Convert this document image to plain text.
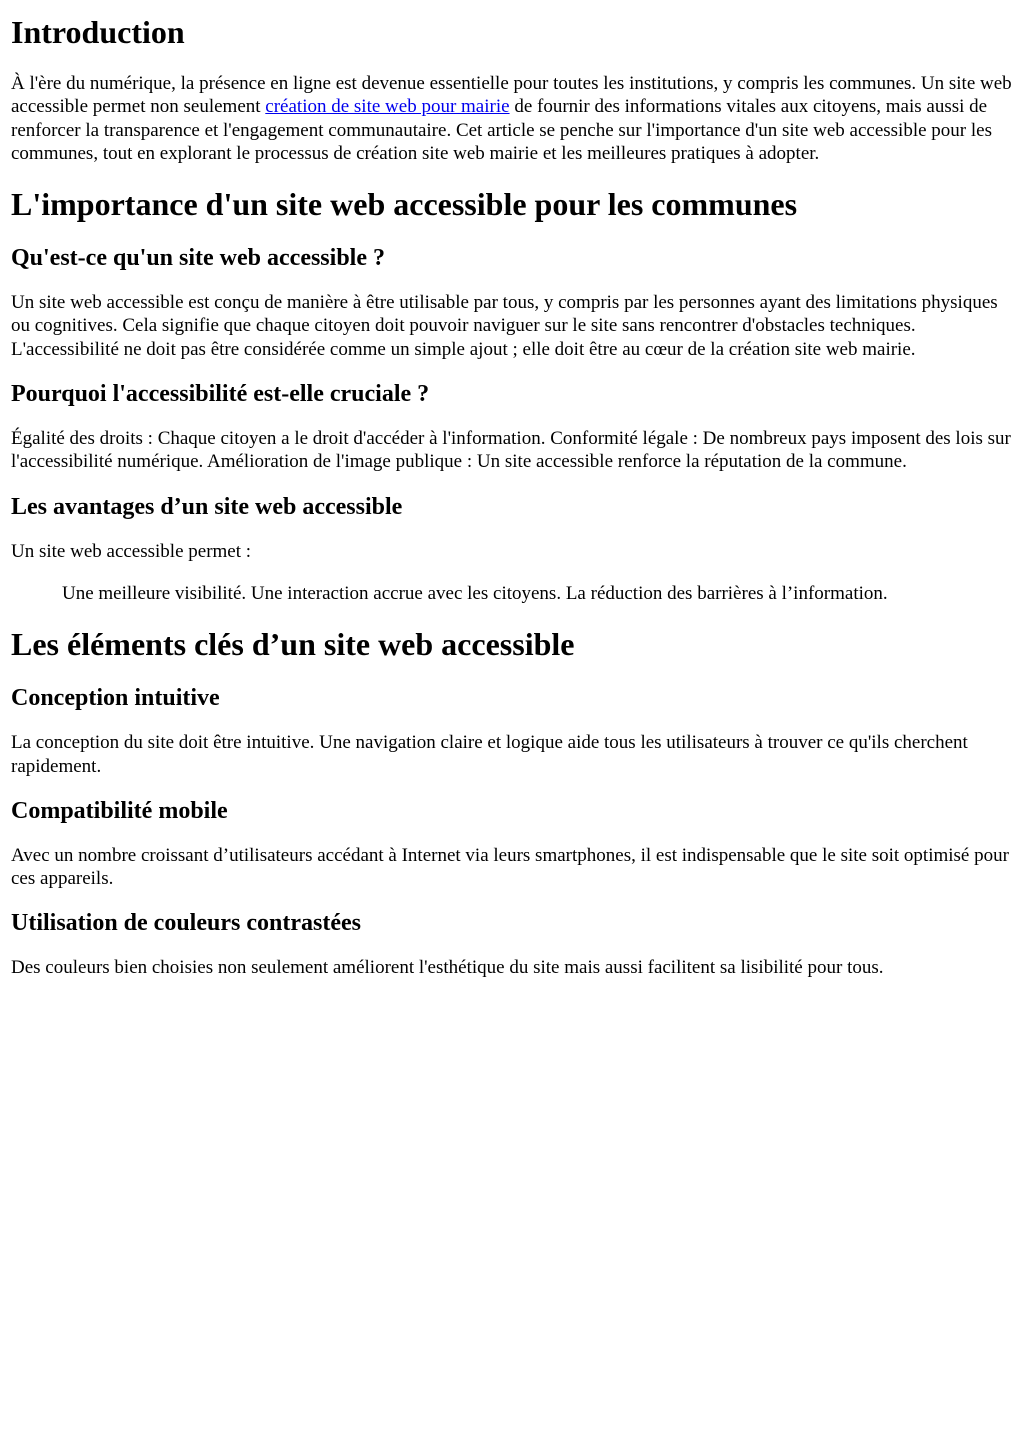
Introduction

À l'ère du numérique, la présence en ligne est devenue essentielle pour toutes les institutions, y compris les communes. Un site web accessible permet non seulement création de site web pour mairie de fournir des informations vitales aux citoyens, mais aussi de renforcer la transparence et l'engagement communautaire. Cet article se penche sur l'importance d'un site web accessible pour les communes, tout en explorant le processus de création site web mairie et les meilleures pratiques à adopter.

L'importance d'un site web accessible pour les communes
Qu'est-ce qu'un site web accessible ?

Un site web accessible est conçu de manière à être utilisable par tous, y compris par les personnes ayant des limitations physiques ou cognitives. Cela signifie que chaque citoyen doit pouvoir naviguer sur le site sans rencontrer d'obstacles techniques. L'accessibilité ne doit pas être considérée comme un simple ajout ; elle doit être au cœur de la création site web mairie.

Pourquoi l'accessibilité est-elle cruciale ?

Égalité des droits : Chaque citoyen a le droit d'accéder à l'information. Conformité légale : De nombreux pays imposent des lois sur l'accessibilité numérique. Amélioration de l'image publique : Un site accessible renforce la réputation de la commune.

Les avantages d’un site web accessible

Un site web accessible permet :

Une meilleure visibilité. Une interaction accrue avec les citoyens. La réduction des barrières à l’information.
Les éléments clés d’un site web accessible
Conception intuitive

La conception du site doit être intuitive. Une navigation claire et logique aide tous les utilisateurs à trouver ce qu'ils cherchent rapidement.

Compatibilité mobile

Avec un nombre croissant d’utilisateurs accédant à Internet via leurs smartphones, il est indispensable que le site soit optimisé pour ces appareils.

Utilisation de couleurs contrastées

Des couleurs bien choisies non seulement améliorent l'esthétique du site mais aussi facilitent sa lisibilité pour tous.
